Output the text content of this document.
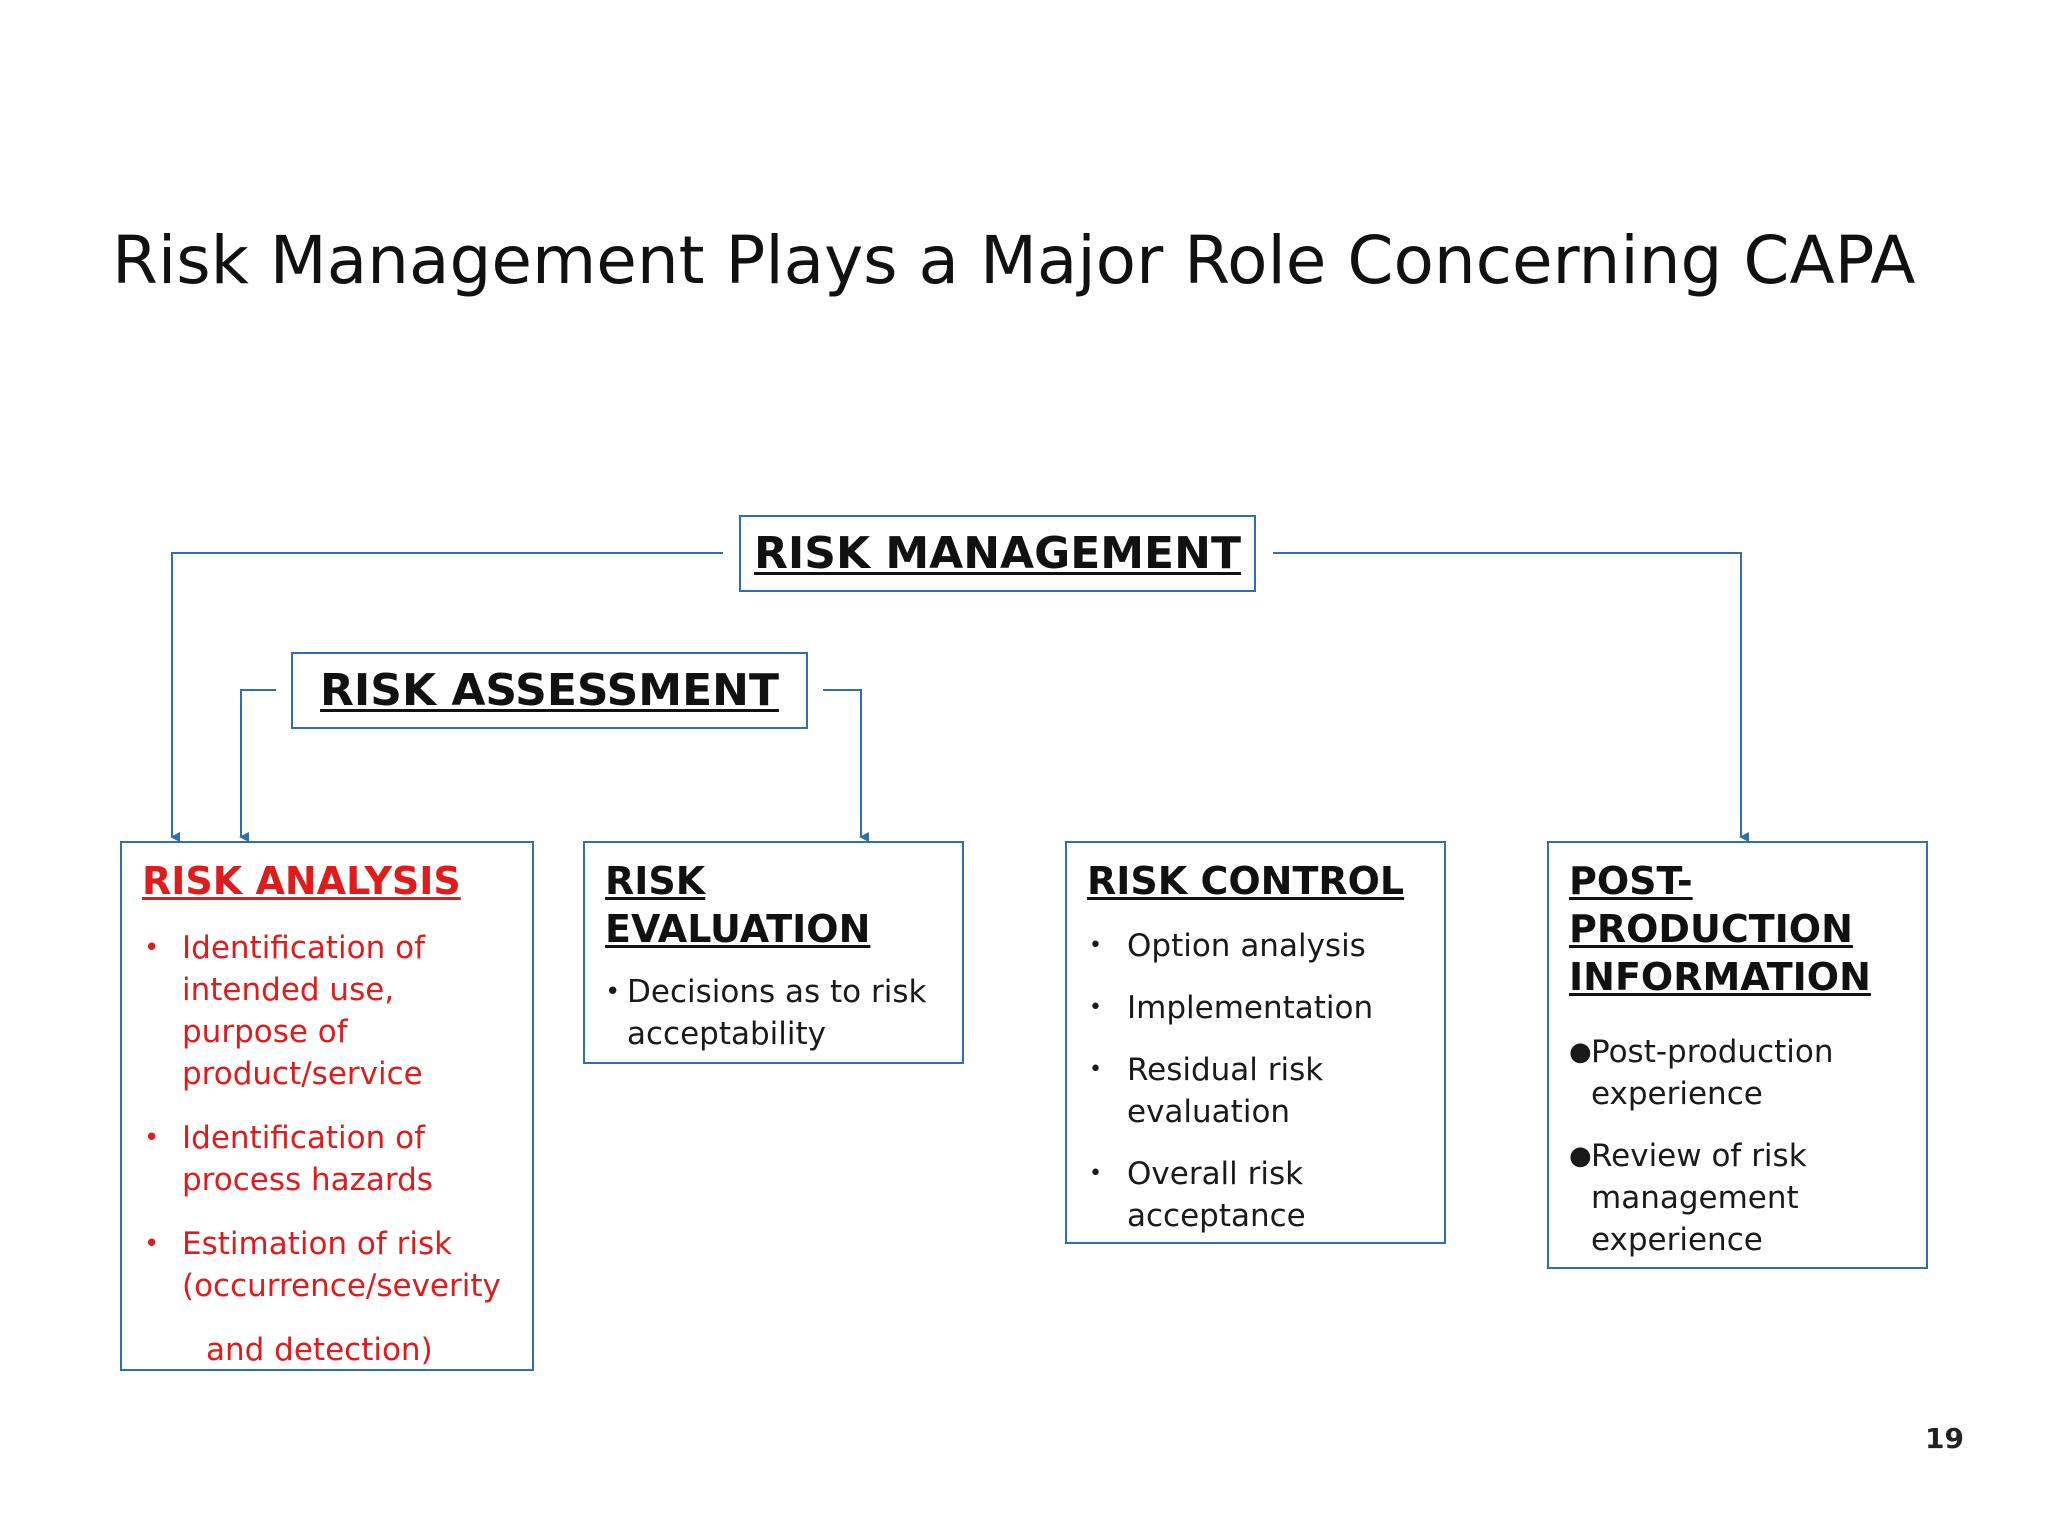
Risk Management Plays a Major Role Concerning CAPA
RISK MANAGEMENT
RISK ASSESSMENT
RISK ANALYSIS
• Identification of intended use, purpose of product/service
• Identification of process hazards
• Estimation of risk (occurrence/severity
and detection)
RISK
EVALUATION
• Decisions as to risk acceptability
RISK CONTROL
• Option analysis
• Implementation
• Residual risk evaluation
• Overall risk acceptance
POST-
PRODUCTION
INFORMATION
● Post-production experience
● Review of risk management experience
19
